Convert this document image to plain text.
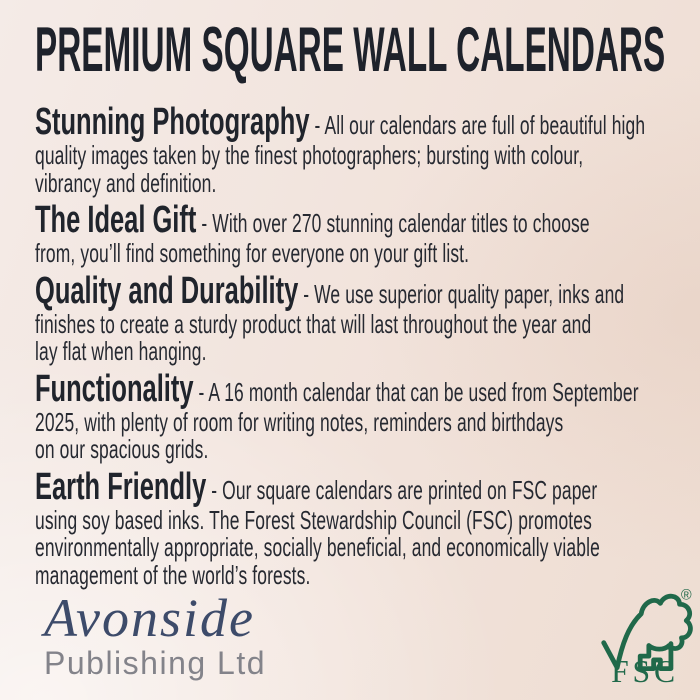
PREMIUM SQUARE WALL CALENDARS
Stunning Photography - All our calendars are full of beautiful high
quality images taken by the finest photographers; bursting with colour,
vibrancy and definition.
The Ideal Gift - With over 270 stunning calendar titles to choose
from, you’ll find something for everyone on your gift list.
Quality and Durability - We use superior quality paper, inks and
finishes to create a sturdy product that will last throughout the year and
lay flat when hanging.
Functionality - A 16 month calendar that can be used from September
2025, with plenty of room for writing notes, reminders and birthdays
on our spacious grids.
Earth Friendly - Our square calendars are printed on FSC paper
using soy based inks. The Forest Stewardship Council (FSC) promotes
environmentally appropriate, socially beneficial, and economically viable
management of the world’s forests.
Avonside
Publishing Ltd
®
FSC
